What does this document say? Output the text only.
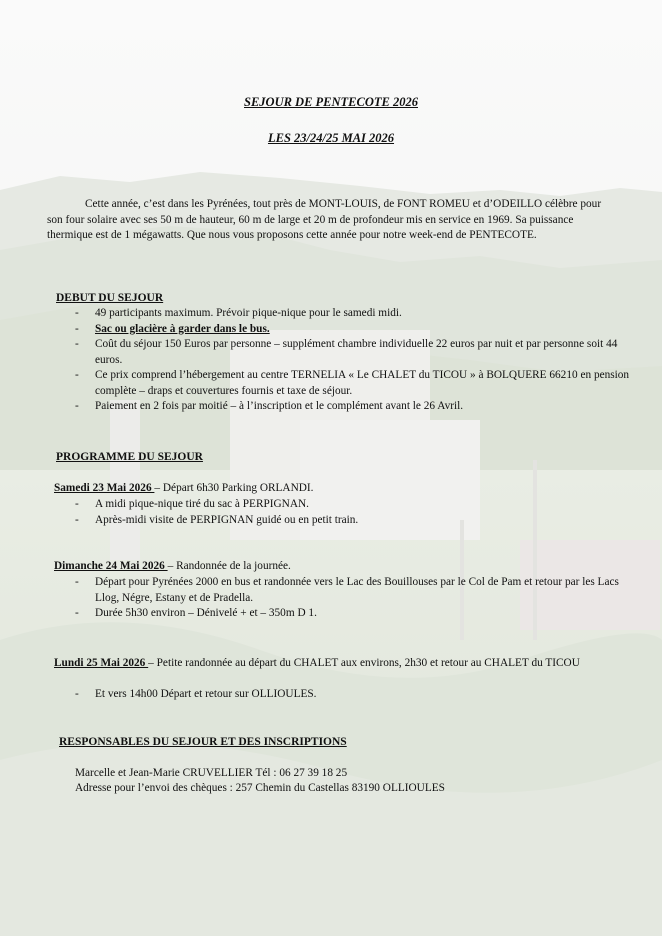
SEJOUR DE PENTECOTE 2026
LES 23/24/25 MAI 2026
Cette année, c’est dans les Pyrénées, tout près de MONT-LOUIS, de FONT ROMEU et d’ODEILLO célèbre pour son four solaire avec ses 50 m de hauteur, 60 m de large et 20 m de profondeur mis en service en 1969. Sa puissance thermique est de 1 mégawatts. Que nous vous proposons cette année pour notre week-end de PENTECOTE.
DEBUT DU SEJOUR
- 49 participants maximum. Prévoir pique-nique pour le samedi midi.
- Sac ou glacière à garder dans le bus.
- Coût du séjour 150 Euros par personne – supplément chambre individuelle 22 euros par nuit et par personne soit 44 euros.
- Ce prix comprend l’hébergement au centre TERNELIA « Le CHALET du TICOU » à BOLQUERE 66210 en pension complète – draps et couvertures fournis et taxe de séjour.
- Paiement en 2 fois par moitié – à l’inscription et le complément avant le 26 Avril.
PROGRAMME DU SEJOUR
Samedi 23 Mai 2026 – Départ 6h30 Parking ORLANDI.
- A midi pique-nique tiré du sac à PERPIGNAN.
- Après-midi visite de PERPIGNAN guidé ou en petit train.
Dimanche 24 Mai 2026 – Randonnée de la journée.
- Départ pour Pyrénées 2000 en bus et randonnée vers le Lac des Bouillouses par le Col de Pam et retour par les Lacs Llog, Négre, Estany et de Pradella.
- Durée 5h30 environ – Dénivelé + et – 350m D 1.
Lundi 25 Mai 2026 – Petite randonnée au départ du CHALET aux environs, 2h30 et retour au CHALET du TICOU
- Et vers 14h00 Départ et retour sur OLLIOULES.
RESPONSABLES DU SEJOUR ET DES INSCRIPTIONS
Marcelle et Jean-Marie CRUVELLIER Tél : 06 27 39 18 25
Adresse pour l’envoi des chèques : 257 Chemin du Castellas 83190 OLLIOULES
